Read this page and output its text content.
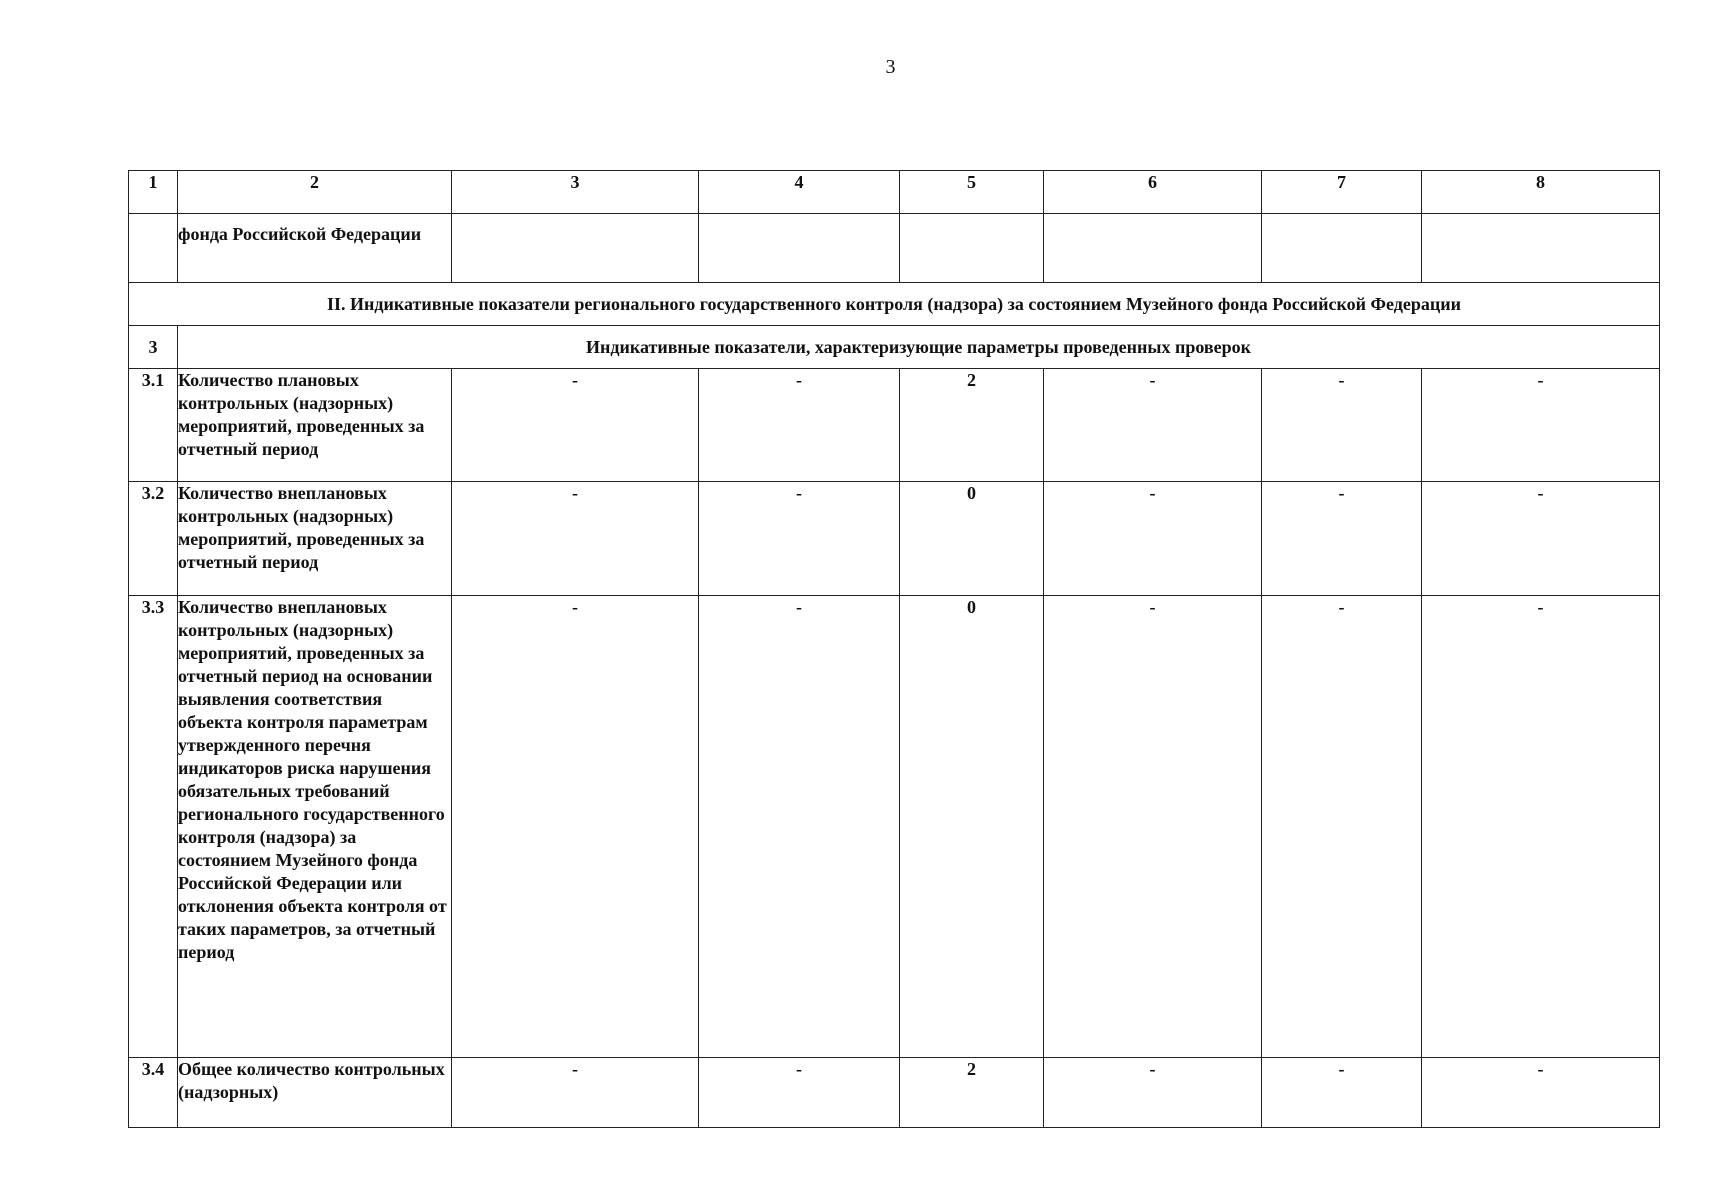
3
1	2	3	4	5	6	7	8
	фонда Российской Федерации						
II. Индикативные показатели регионального государственного контроля (надзора) за состоянием Музейного фонда Российской Федерации							
3	Индикативные показатели, характеризующие параметры проведенных проверок						
3.1	Количество плановых контрольных (надзорных) мероприятий, проведенных за отчетный период	-	-	2	-	-	-
3.2	Количество внеплановых контрольных (надзорных) мероприятий, проведенных за отчетный период	-	-	0	-	-	-
3.3	Количество внеплановых контрольных (надзорных) мероприятий, проведенных за отчетный период на основании выявления соответствия объекта контроля параметрам утвержденного перечня индикаторов риска нарушения обязательных требований регионального государственного контроля (надзора) за состоянием Музейного фонда Российской Федерации или отклонения объекта контроля от таких параметров, за отчетный период	-	-	0	-	-	-
3.4	Общее количество контрольных (надзорных)	-	-	2	-	-	-
